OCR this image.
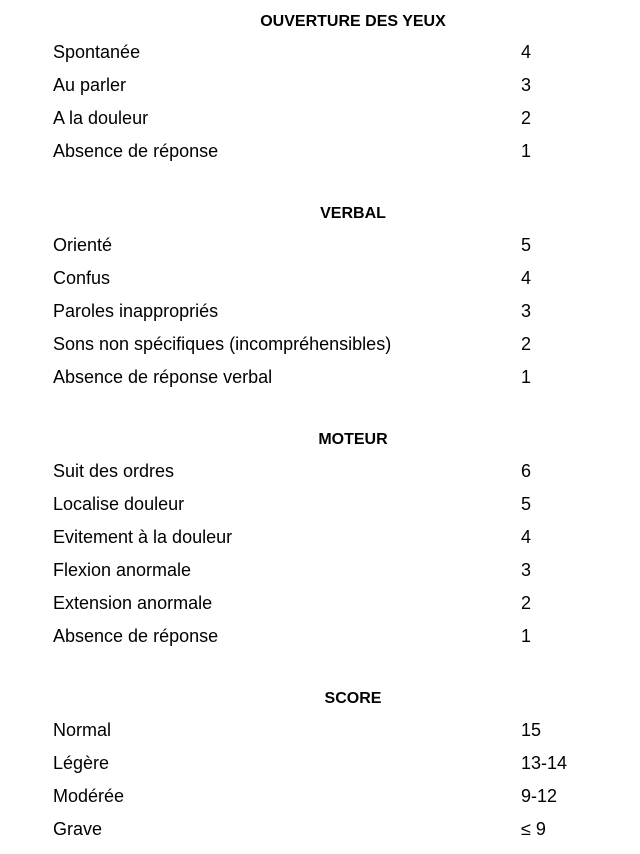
OUVERTURE DES YEUX
Spontanée	4
Au parler	3
A la douleur	2
Absence de réponse	1
VERBAL
Orienté	5
Confus	4
Paroles inappropriés	3
Sons non spécifiques (incompréhensibles)	2
Absence de réponse verbal	1
MOTEUR
Suit des ordres	6
Localise douleur	5
Evitement à la douleur	4
Flexion anormale	3
Extension anormale	2
Absence de réponse	1
SCORE
Normal	15
Légère	13-14
Modérée	9-12
Grave	≤ 9
